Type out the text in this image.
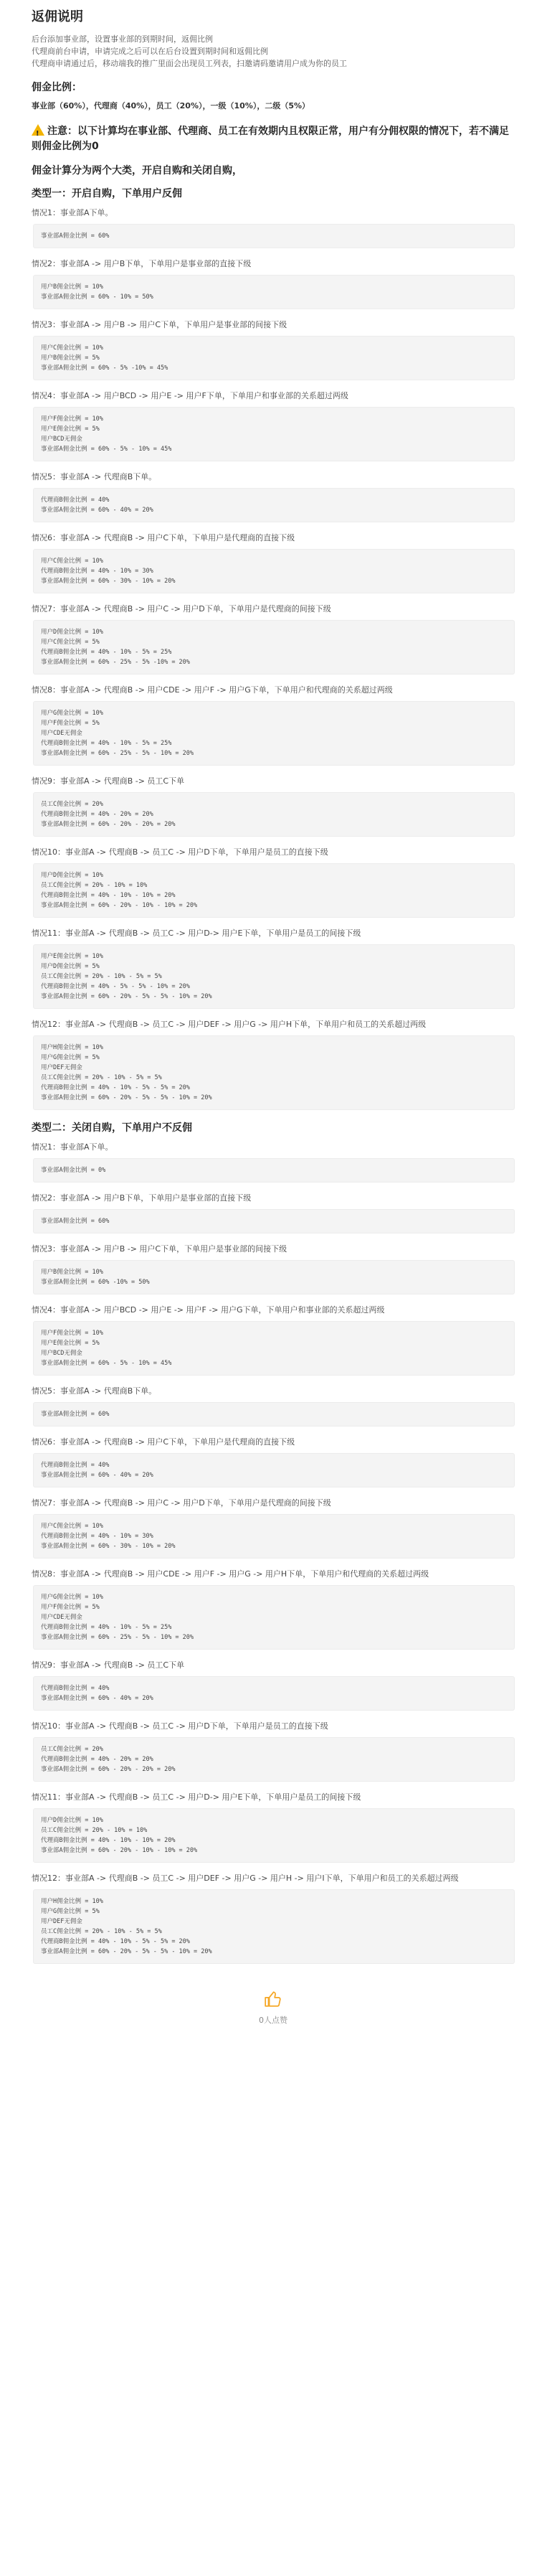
返佣说明

后台添加事业部，设置事业部的到期时间，返佣比例

代理商前台申请，申请完成之后可以在后台设置到期时间和返佣比例

代理商申请通过后，移动端我的推广里面会出现员工列表，扫邀请码邀请用户成为你的员工

佣金比例：
事业部（60%），代理商（40%），员工（20%），一级（10%），二级（5%）
!注意：以下计算均在事业部、代理商、员工在有效期内且权限正常，用户有分佣权限的情况下，若不满足则佣金比例为0
佣金计算分为两个大类，开启自购和关闭自购，
类型一：开启自购，下单用户反佣
情况1：事业部A下单。
事业部A佣金比例 = 60%
情况2：事业部A -> 用户B下单，下单用户是事业部的直接下级
用户B佣金比例 = 10%
事业部A佣金比例 = 60% - 10% = 50%
情况3：事业部A -> 用户B -> 用户C下单，下单用户是事业部的间接下级
用户C佣金比例 = 10%
用户B佣金比例 = 5%
事业部A佣金比例 = 60% - 5% -10% = 45%
情况4：事业部A -> 用户BCD -> 用户E -> 用户F下单，下单用户和事业部的关系超过两级
用户F佣金比例 = 10%
用户E佣金比例 = 5%
用户BCD无佣金
事业部A佣金比例 = 60% - 5% - 10% = 45%
情况5：事业部A -> 代理商B下单。
代理商B佣金比例 = 40%
事业部A佣金比例 = 60% - 40% = 20%
情况6：事业部A -> 代理商B -> 用户C下单，下单用户是代理商的直接下级
用户C佣金比例 = 10%
代理商B佣金比例 = 40% - 10% = 30%
事业部A佣金比例 = 60% - 30% - 10% = 20%
情况7：事业部A -> 代理商B -> 用户C -> 用户D下单，下单用户是代理商的间接下级
用户D佣金比例 = 10%
用户C佣金比例 = 5%
代理商B佣金比例 = 40% - 10% - 5% = 25%
事业部A佣金比例 = 60% - 25% - 5% -10% = 20%
情况8：事业部A -> 代理商B -> 用户CDE -> 用户F -> 用户G下单，下单用户和代理商的关系超过两级
用户G佣金比例 = 10%
用户F佣金比例 = 5%
用户CDE无佣金
代理商B佣金比例 = 40% - 10% - 5% = 25%
事业部A佣金比例 = 60% - 25% - 5% - 10% = 20%
情况9：事业部A -> 代理商B -> 员工C下单
员工C佣金比例 = 20%
代理商B佣金比例 = 40% - 20% = 20%
事业部A佣金比例 = 60% - 20% - 20% = 20%
情况10：事业部A -> 代理商B -> 员工C -> 用户D下单，下单用户是员工的直接下级
用户D佣金比例 = 10%
员工C佣金比例 = 20% - 10% = 10%
代理商B佣金比例 = 40% - 10% - 10% = 20%
事业部A佣金比例 = 60% - 20% - 10% - 10% = 20%
情况11：事业部A -> 代理商B -> 员工C -> 用户D-> 用户E下单，下单用户是员工的间接下级
用户E佣金比例 = 10%
用户D佣金比例 = 5%
员工C佣金比例 = 20% - 10% - 5% = 5%
代理商B佣金比例 = 40% - 5% - 5% - 10% = 20%
事业部A佣金比例 = 60% - 20% - 5% - 5% - 10% = 20%
情况12：事业部A -> 代理商B -> 员工C -> 用户DEF -> 用户G -> 用户H下单，下单用户和员工的关系超过两级
用户H佣金比例 = 10%
用户G佣金比例 = 5%
用户DEF无佣金
员工C佣金比例 = 20% - 10% - 5% = 5%
代理商B佣金比例 = 40% - 10% - 5% - 5% = 20%
事业部A佣金比例 = 60% - 20% - 5% - 5% - 10% = 20%
类型二：关闭自购，下单用户不反佣
情况1：事业部A下单。
事业部A佣金比例 = 0%
情况2：事业部A -> 用户B下单，下单用户是事业部的直接下级
事业部A佣金比例 = 60%
情况3：事业部A -> 用户B -> 用户C下单，下单用户是事业部的间接下级
用户B佣金比例 = 10%
事业部A佣金比例 = 60% -10% = 50%
情况4：事业部A -> 用户BCD -> 用户E -> 用户F -> 用户G下单，下单用户和事业部的关系超过两级
用户F佣金比例 = 10%
用户E佣金比例 = 5%
用户BCD无佣金
事业部A佣金比例 = 60% - 5% - 10% = 45%
情况5：事业部A -> 代理商B下单。
事业部A佣金比例 = 60%
情况6：事业部A -> 代理商B -> 用户C下单，下单用户是代理商的直接下级
代理商B佣金比例 = 40%
事业部A佣金比例 = 60% - 40% = 20%
情况7：事业部A -> 代理商B -> 用户C -> 用户D下单，下单用户是代理商的间接下级
用户C佣金比例 = 10%
代理商B佣金比例 = 40% - 10% = 30%
事业部A佣金比例 = 60% - 30% - 10% = 20%
情况8：事业部A -> 代理商B -> 用户CDE -> 用户F -> 用户G -> 用户H下单，下单用户和代理商的关系超过两级
用户G佣金比例 = 10%
用户F佣金比例 = 5%
用户CDE无佣金
代理商B佣金比例 = 40% - 10% - 5% = 25%
事业部A佣金比例 = 60% - 25% - 5% - 10% = 20%
情况9：事业部A -> 代理商B -> 员工C下单
代理商B佣金比例 = 40%
事业部A佣金比例 = 60% - 40% = 20%
情况10：事业部A -> 代理商B -> 员工C -> 用户D下单，下单用户是员工的直接下级
员工C佣金比例 = 20%
代理商B佣金比例 = 40% - 20% = 20%
事业部A佣金比例 = 60% - 20% - 20% = 20%
情况11：事业部A -> 代理商B -> 员工C -> 用户D-> 用户E下单，下单用户是员工的间接下级
用户D佣金比例 = 10%
员工C佣金比例 = 20% - 10% = 10%
代理商B佣金比例 = 40% - 10% - 10% = 20%
事业部A佣金比例 = 60% - 20% - 10% - 10% = 20%
情况12：事业部A -> 代理商B -> 员工C -> 用户DEF -> 用户G -> 用户H -> 用户I下单，下单用户和员工的关系超过两级
用户H佣金比例 = 10%
用户G佣金比例 = 5%
用户DEF无佣金
员工C佣金比例 = 20% - 10% - 5% = 5%
代理商B佣金比例 = 40% - 10% - 5% - 5% = 20%
事业部A佣金比例 = 60% - 20% - 5% - 5% - 10% = 20%
0人点赞
